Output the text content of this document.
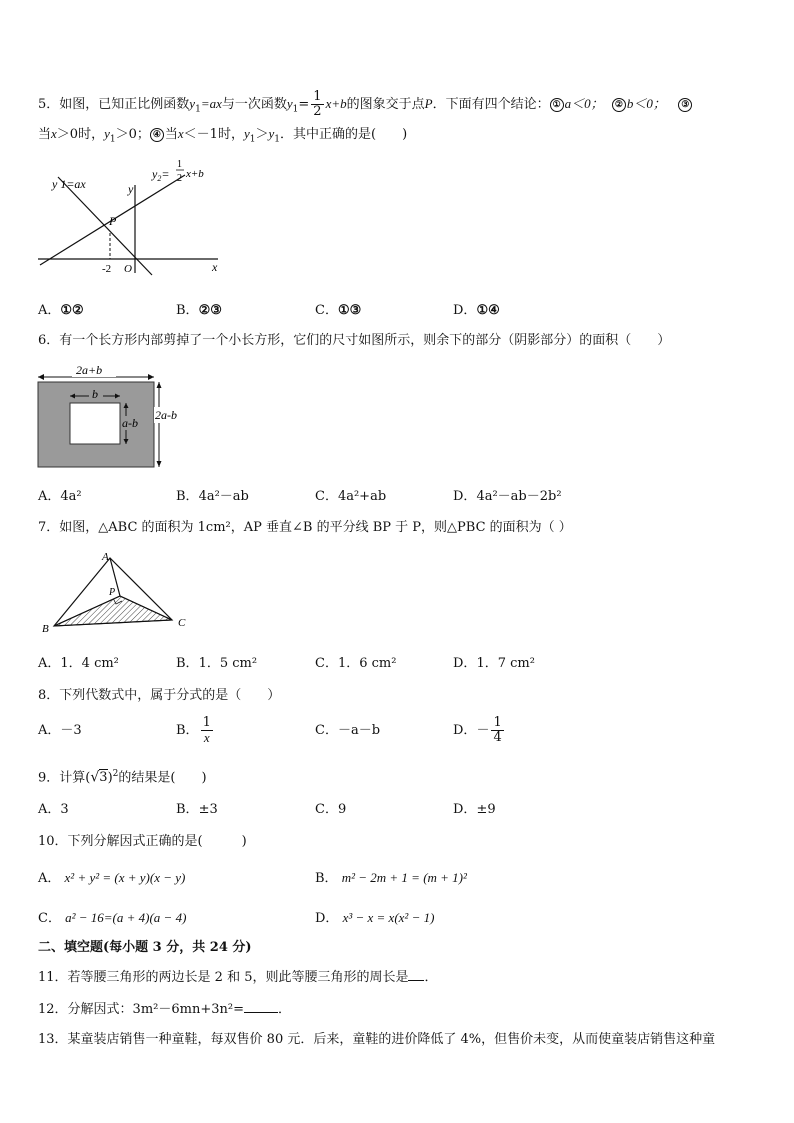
5．如图，已知正比例函数$y_1=ax$与一次函数$y_1= \frac{1}{2} x+b$的图象交于点P．下面有四个结论： ① a＜0； ② b＜0； ③
当x＞0时，$y_1>0$； ④ 当x＜－1时，$y_1>y_1$．其中正确的是(　　)
y 1=ax
$y_2=$
1
2 x+b
y
x
P
-2 O
A．①②	B．②③	C．①③	D．①④
6．有一个长方形内部剪掉了一个小长方形，它们的尺寸如图所示，则余下的部分（阴影部分）的面积（　　）
2a+b
b
a-b
2a-b
A．4a²	B．4a²－ab	C．4a²+ab	D．4a²－ab－2b²
7．如图，△ABC 的面积为 1cm²，AP 垂直∠B 的平分线 BP 于 P，则△PBC 的面积为（ ）
A
B	C
P
A．1．4 cm²	B．1．5 cm²	C．1．6 cm²	D．1．7 cm²
8．下列代数式中，属于分式的是（　　）
A．－3	B． $\frac{1}{x}$	C．－a－b	D．－ $\frac{1}{4}$
9．计算$(√3)^2$的结果是(　　)
A．3	B．±3	C．9	D．±9
10．下列分解因式正确的是(　　　)
A． x² + y² = (x + y)(x − y)	B． m² − 2m + 1 = (m + 1)²
C． a² − 16=(a + 4)(a − 4)	D． x³ − x = x(x² − 1)
二、填空题(每小题 3 分，共 24 分)
11．若等腰三角形的两边长是 2 和 5，则此等腰三角形的周长是 ．
12．分解因式：3m²－6mn+3n²=	．
13．某童装店销售一种童鞋，每双售价 80 元．后来，童鞋的进价降低了 4%，但售价未变，从而使童装店销售这种童
